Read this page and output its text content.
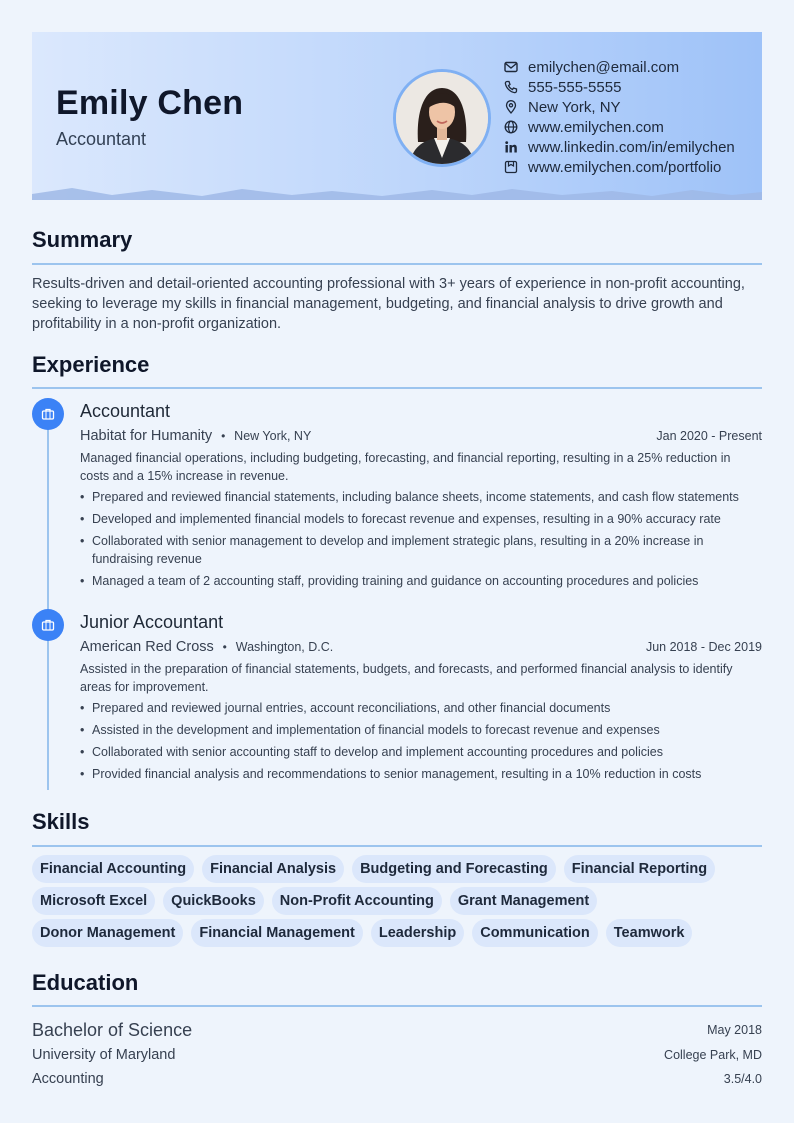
Emily Chen
Accountant
emilychen@email.com
555-555-5555
New York, NY
www.emilychen.com
www.linkedin.com/in/emilychen
www.emilychen.com/portfolio
Summary
Results-driven and detail-oriented accounting professional with 3+ years of experience in non-profit accounting, seeking to leverage my skills in financial management, budgeting, and financial analysis to drive growth and profitability in a non-profit organization.
Experience
Accountant
Habitat for Humanity • New York, NY	Jan 2020 - Present
Managed financial operations, including budgeting, forecasting, and financial reporting, resulting in a 25% reduction in costs and a 15% increase in revenue.
• Prepared and reviewed financial statements, including balance sheets, income statements, and cash flow statements
• Developed and implemented financial models to forecast revenue and expenses, resulting in a 90% accuracy rate
• Collaborated with senior management to develop and implement strategic plans, resulting in a 20% increase in fundraising revenue
• Managed a team of 2 accounting staff, providing training and guidance on accounting procedures and policies
Junior Accountant
American Red Cross • Washington, D.C.	Jun 2018 - Dec 2019
Assisted in the preparation of financial statements, budgets, and forecasts, and performed financial analysis to identify areas for improvement.
• Prepared and reviewed journal entries, account reconciliations, and other financial documents
• Assisted in the development and implementation of financial models to forecast revenue and expenses
• Collaborated with senior accounting staff to develop and implement accounting procedures and policies
• Provided financial analysis and recommendations to senior management, resulting in a 10% reduction in costs
Skills
Financial Accounting	Financial Analysis	Budgeting and Forecasting	Financial Reporting
Microsoft Excel	QuickBooks	Non-Profit Accounting	Grant Management
Donor Management	Financial Management	Leadership	Communication	Teamwork
Education
Bachelor of Science	May 2018
University of Maryland	College Park, MD
Accounting	3.5/4.0
